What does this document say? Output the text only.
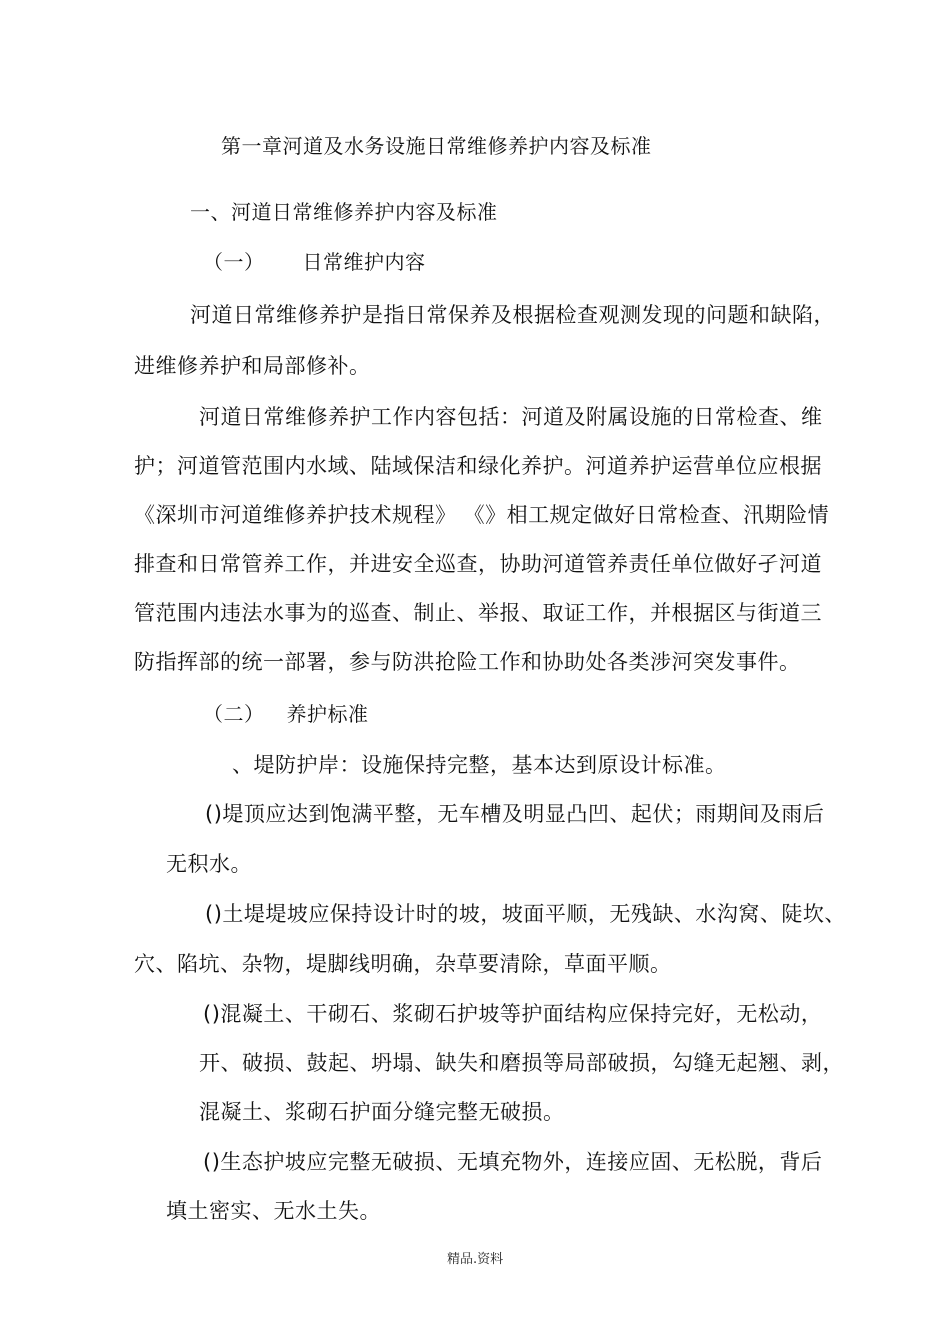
第一章河道及水务设施日常维修养护内容及标准
一、河道日常维修养护内容及标准
（一） 日常维护内容
河道日常维修养护是指日常保养及根据检查观测发现的问题和缺陷，
进维修养护和局部修补。
河道日常维修养护工作内容包括：河道及附属设施的日常检查、维
护；河道管范围内水域、陆域保洁和绿化养护。河道养护运营单位应根据
《深圳市河道维修养护技术规程》 《》相工规定做好日常检查、汛期险情
排查和日常管养工作，并进安全巡查，协助河道管养责任单位做好孑河道
管范围内违法水事为的巡查、制止、举报、取证工作，并根据区与街道三
防指挥部的统一部署，参与防洪抢险工作和协助处各类涉河突发事件。
（二） 养护标准
、堤防护岸：设施保持完整，基本达到原设计标准。
()堤顶应达到饱满平整，无车槽及明显凸凹、起伏；雨期间及雨后
无积水。
()土堤堤坡应保持设计时的坡，坡面平顺，无残缺、水沟窝、陡坎、
穴、陷坑、杂物，堤脚线明确，杂草要清除，草面平顺。
()混凝土、干砌石、浆砌石护坡等护面结构应保持完好，无松动，
开、破损、鼓起、坍塌、缺失和磨损等局部破损，勾缝无起翘、剥，
混凝土、浆砌石护面分缝完整无破损。
()生态护坡应完整无破损、无填充物外，连接应固、无松脱，背后
填土密实、无水土失。
精品.资料
